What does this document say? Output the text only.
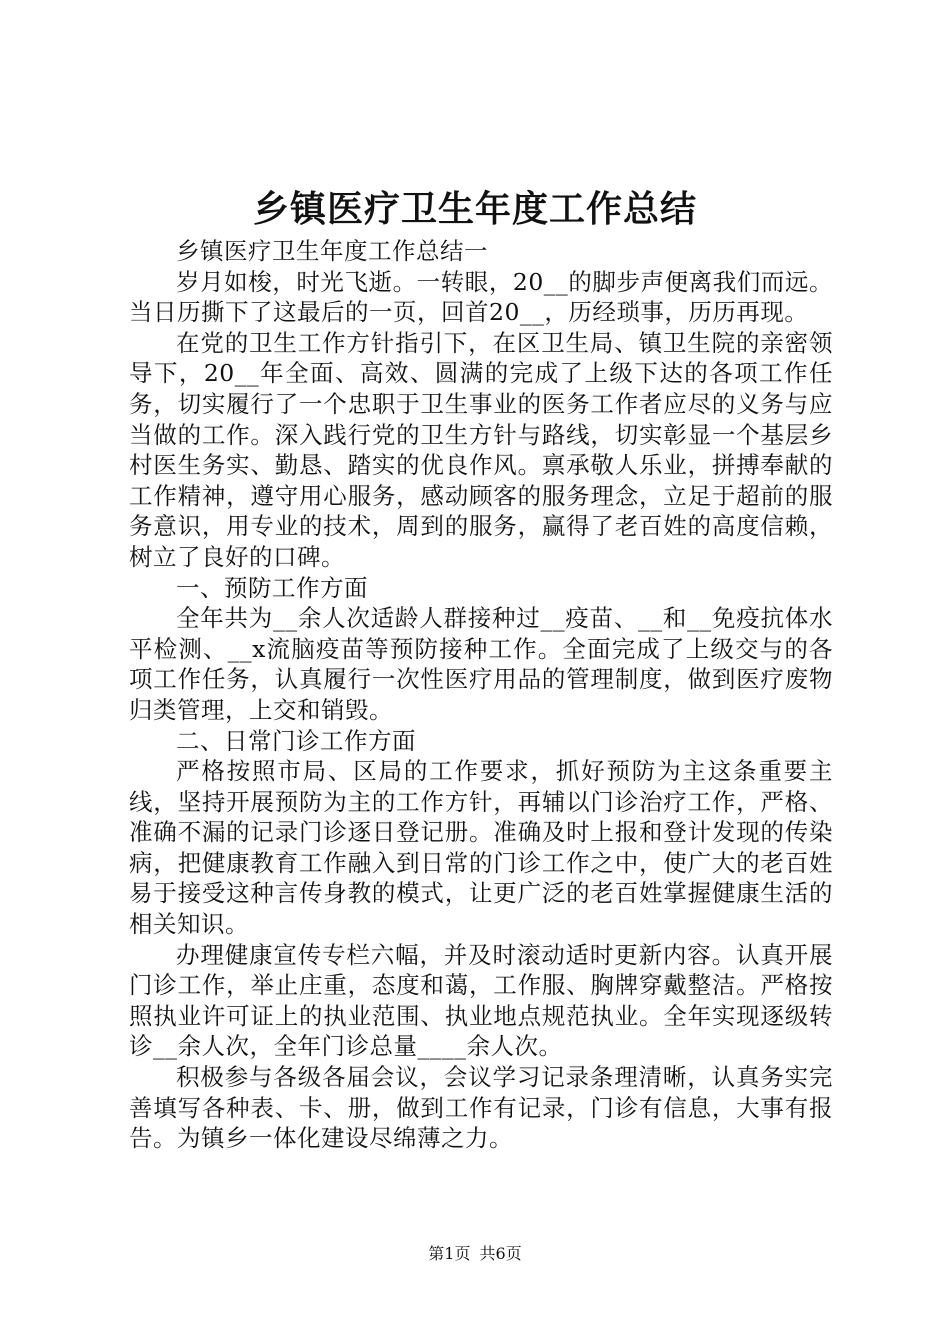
乡镇医疗卫生年度工作总结

乡镇医疗卫生年度工作总结一

岁月如梭，时光飞逝。一转眼，20__的脚步声便离我们而远。当日历撕下了这最后的一页，回首20__，历经琐事，历历再现。

在党的卫生工作方针指引下，在区卫生局、镇卫生院的亲密领导下，20__年全面、高效、圆满的完成了上级下达的各项工作任务，切实履行了一个忠职于卫生事业的医务工作者应尽的义务与应当做的工作。深入践行党的卫生方针与路线，切实彰显一个基层乡村医生务实、勤恳、踏实的优良作风。禀承敬人乐业，拼搏奉献的工作精神，遵守用心服务，感动顾客的服务理念，立足于超前的服务意识，用专业的技术，周到的服务，赢得了老百姓的高度信赖，树立了良好的口碑。

一、预防工作方面

全年共为__余人次适龄人群接种过__疫苗、__和__免疫抗体水平检测、__x流脑疫苗等预防接种工作。全面完成了上级交与的各项工作任务，认真履行一次性医疗用品的管理制度，做到医疗废物归类管理，上交和销毁。

二、日常门诊工作方面

严格按照市局、区局的工作要求，抓好预防为主这条重要主线，坚持开展预防为主的工作方针，再辅以门诊治疗工作，严格、准确不漏的记录门诊逐日登记册。准确及时上报和登计发现的传染病，把健康教育工作融入到日常的门诊工作之中，使广大的老百姓易于接受这种言传身教的模式，让更广泛的老百姓掌握健康生活的相关知识。

办理健康宣传专栏六幅，并及时滚动适时更新内容。认真开展门诊工作，举止庄重，态度和蔼，工作服、胸牌穿戴整洁。严格按照执业许可证上的执业范围、执业地点规范执业。全年实现逐级转诊__余人次，全年门诊总量____余人次。

积极参与各级各届会议，会议学习记录条理清晰，认真务实完善填写各种表、卡、册，做到工作有记录，门诊有信息，大事有报告。为镇乡一体化建设尽绵薄之力。

第1页 共6页
